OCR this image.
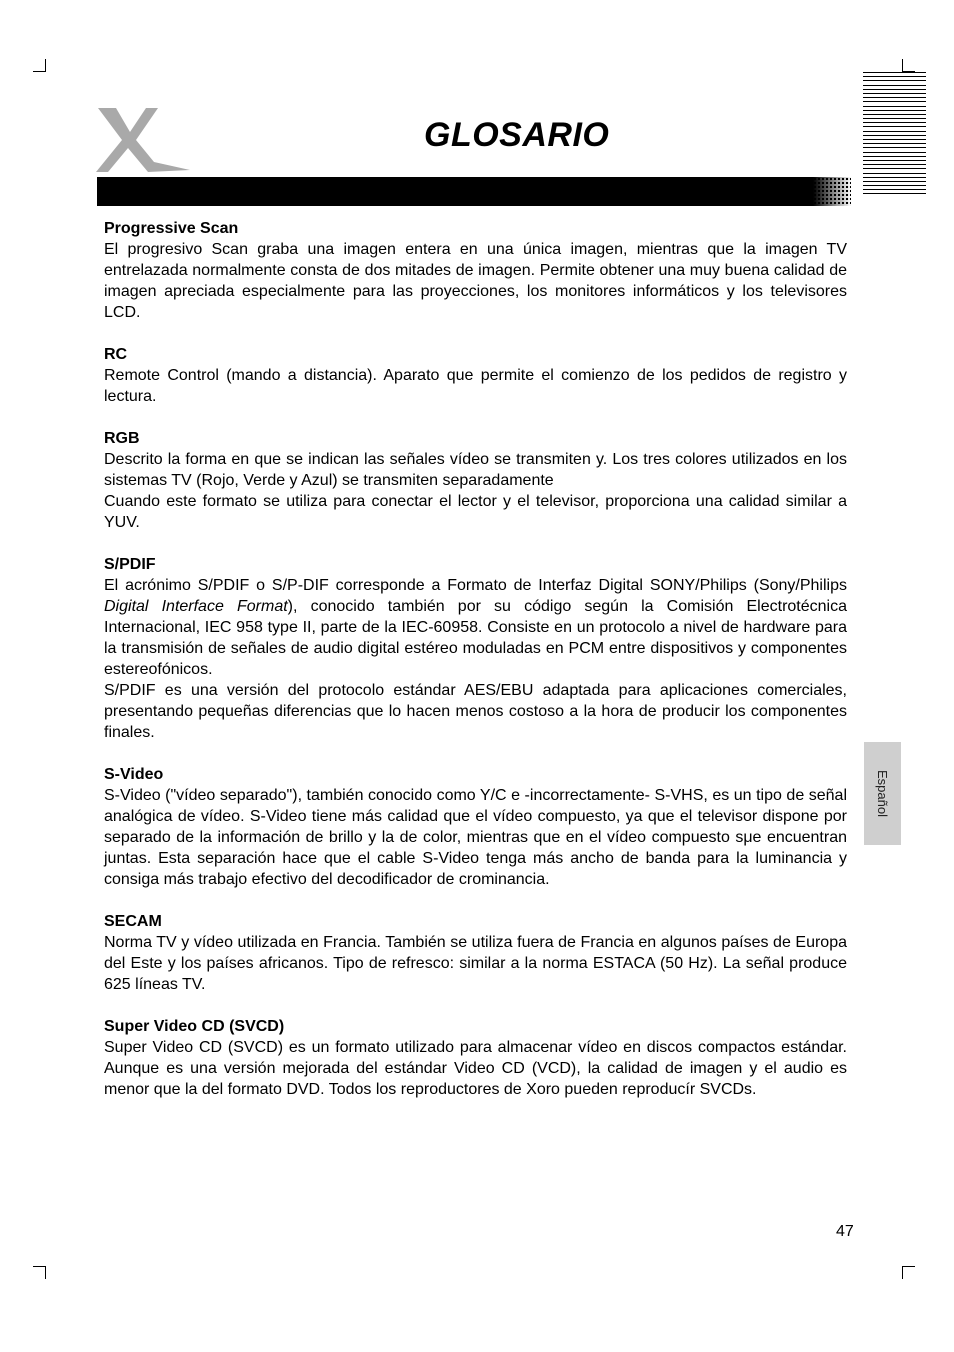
GLOSARIO
Español
Progressive Scan

El progresivo Scan graba una imagen entera en una única imagen, mientras que la imagen TV entrelazada normalmente consta de dos mitades de imagen. Permite obtener una muy buena calidad de imagen apreciada especialmente para las proyecciones, los monitores informáticos y los televisores LCD.

RC

Remote Control (mando a distancia). Aparato que permite el comienzo de los pedidos de registro y lectura.

RGB

Descrito la forma en que se indican las señales vídeo se transmiten y. Los tres colores utilizados en los sistemas TV (Rojo, Verde y Azul) se transmiten separadamente

Cuando este formato se utiliza para conectar el lector y el televisor, proporciona una calidad similar a YUV.

S/PDIF

El acrónimo S/PDIF o S/P-DIF corresponde a Formato de Interfaz Digital SONY/Philips (Sony/Philips Digital Interface Format), conocido también por su código según la Comisión Electrotécnica Internacional, IEC 958 type II, parte de la IEC-60958. Consiste en un protocolo a nivel de hardware para la transmisión de señales de audio digital estéreo moduladas en PCM entre dispositivos y componentes estereofónicos.

S/PDIF es una versión del protocolo estándar AES/EBU adaptada para aplicaciones comerciales, presentando pequeñas diferencias que lo hacen menos costoso a la hora de producir los componentes finales.

S-Video

S-Video ("vídeo separado"), también conocido como Y/C e -incorrectamente- S-VHS, es un tipo de señal analógica de vídeo. S-Video tiene más calidad que el vídeo compuesto, ya que el televisor dispone por separado de la información de brillo y la de color, mientras que en el vídeo compuesto sμe encuentran juntas. Esta separación hace que el cable S-Video tenga más ancho de banda para la luminancia y consiga más trabajo efectivo del decodificador de crominancia.

SECAM

Norma TV y vídeo utilizada en Francia. También se utiliza fuera de Francia en algunos países de Europa del Este y los países africanos. Tipo de refresco: similar a la norma ESTACA (50 Hz). La señal produce 625 líneas TV.

Super Video CD (SVCD)

Super Video CD (SVCD) es un formato utilizado para almacenar vídeo en discos compactos estándar. Aunque es una versión mejorada del estándar Video CD (VCD), la calidad de imagen y el audio es menor que la del formato DVD. Todos los reproductores de Xoro pueden reproducír SVCDs.

47
